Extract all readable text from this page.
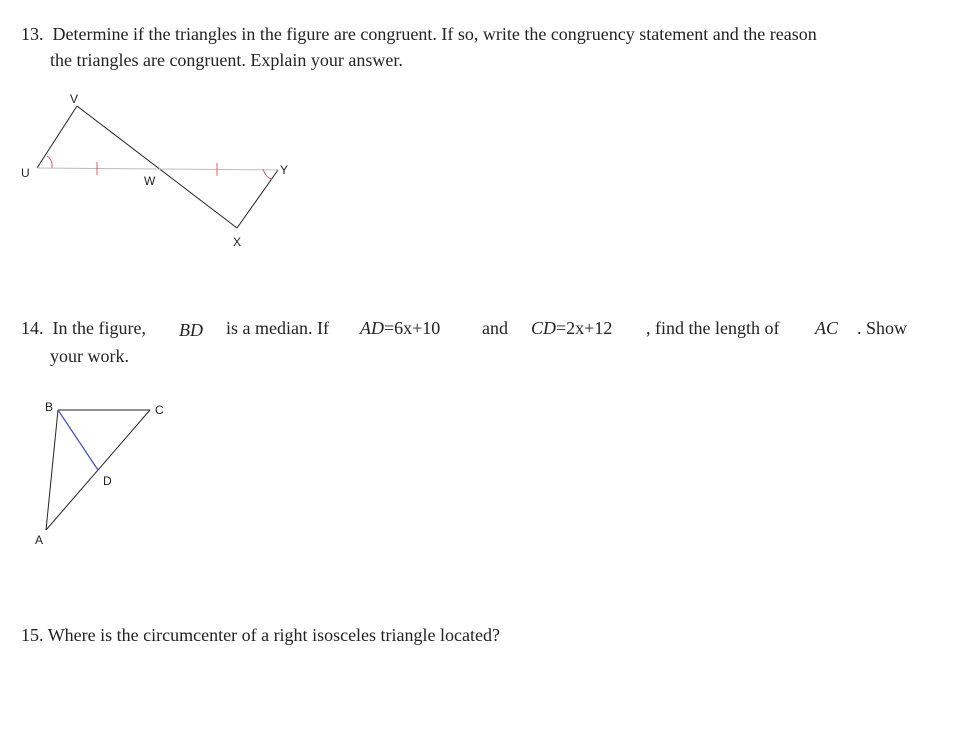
13. Determine if the triangles in the figure are congruent. If so, write the congruency statement and the reason
the triangles are congruent. Explain your answer.
U
V
W
X
Y
14. In the figure, BD is a median. If AD=6x+10 and CD=2x+12 , find the length of AC . Show
your work.
B	C
D
A
15. Where is the circumcenter of a right isosceles triangle located?
